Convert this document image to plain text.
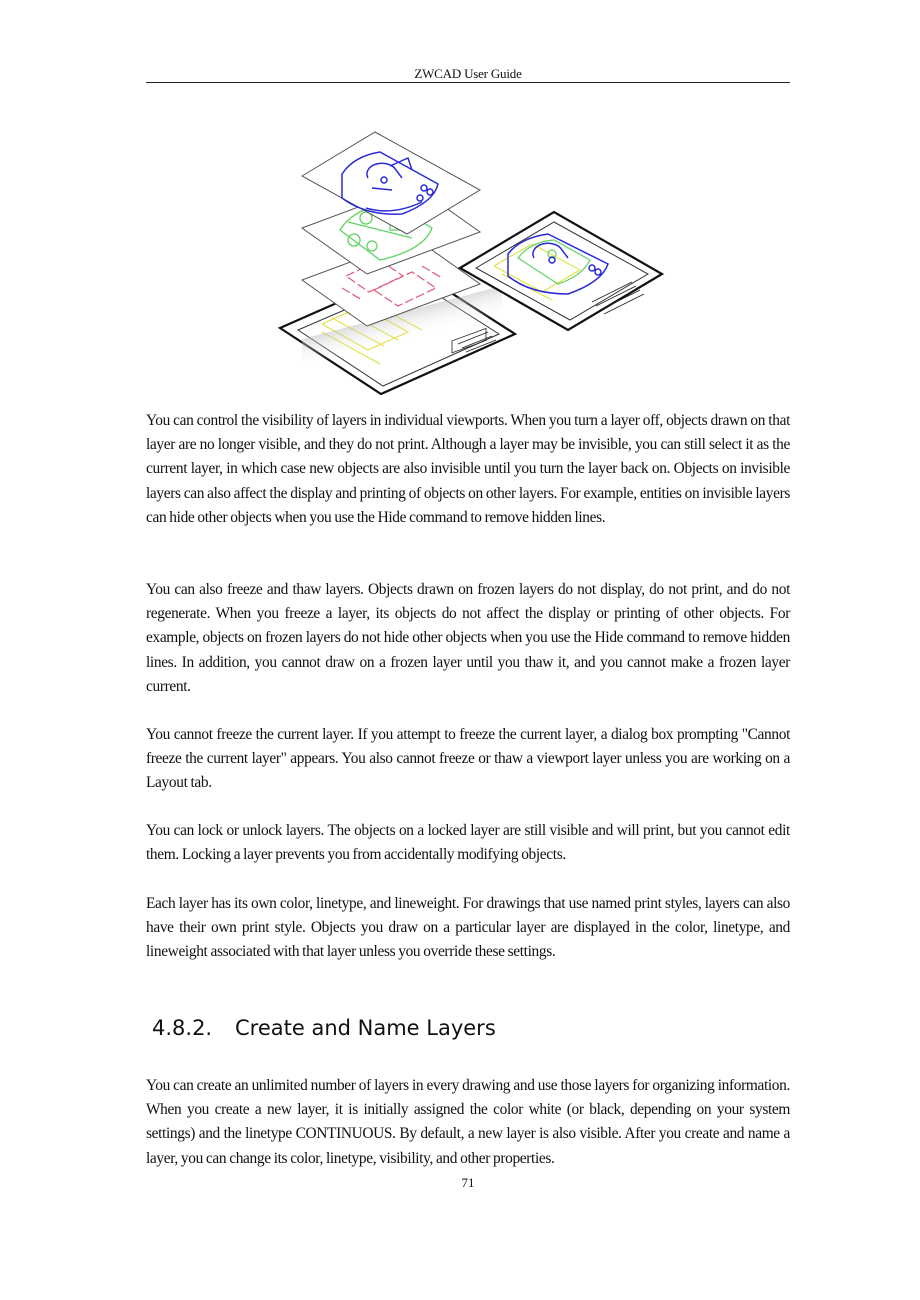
ZWCAD User Guide

You can control the visibility of layers in individual viewports. When you turn a layer off, objects drawn on that layer are no longer visible, and they do not print. Although a layer may be invisible, you can still select it as the current layer, in which case new objects are also invisible until you turn the layer back on. Objects on invisible layers can also affect the display and printing of objects on other layers. For example, entities on invisible layers can hide other objects when you use the Hide command to remove hidden lines.

You can also freeze and thaw layers. Objects drawn on frozen layers do not display, do not print, and do not regenerate. When you freeze a layer, its objects do not affect the display or printing of other objects. For example, objects on frozen layers do not hide other objects when you use the Hide command to remove hidden lines. In addition, you cannot draw on a frozen layer until you thaw it, and you cannot make a frozen layer current.

You cannot freeze the current layer. If you attempt to freeze the current layer, a dialog box prompting "Cannot freeze the current layer" appears. You also cannot freeze or thaw a viewport layer unless you are working on a Layout tab.

You can lock or unlock layers. The objects on a locked layer are still visible and will print, but you cannot edit them. Locking a layer prevents you from accidentally modifying objects.

Each layer has its own color, linetype, and lineweight. For drawings that use named print styles, layers can also have their own print style. Objects you draw on a particular layer are displayed in the color, linetype, and lineweight associated with that layer unless you override these settings.

4.8.2. Create and Name Layers

You can create an unlimited number of layers in every drawing and use those layers for organizing information. When you create a new layer, it is initially assigned the color white (or black, depending on your system settings) and the linetype CONTINUOUS. By default, a new layer is also visible. After you create and name a layer, you can change its color, linetype, visibility, and other properties.

71
